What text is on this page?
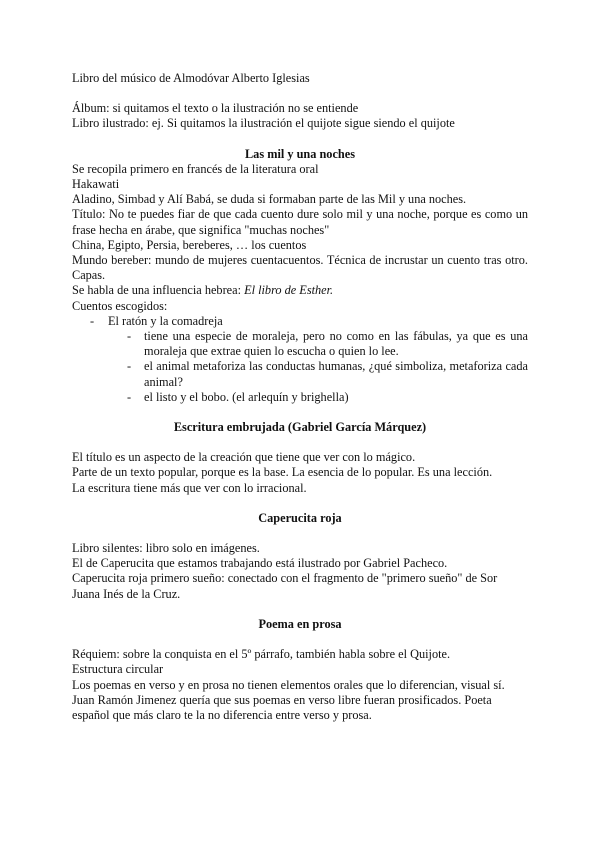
Libro del músico de Almodóvar Alberto Iglesias

Álbum: si quitamos el texto o la ilustración no se entiende

Libro ilustrado: ej. Si quitamos la ilustración el quijote sigue siendo el quijote

Las mil y una noches

Se recopila primero en francés de la literatura oral

Hakawati

Aladino, Simbad y Alí Babá, se duda si formaban parte de las Mil y una noches.

Título: No te puedes fiar de que cada cuento dure solo mil y una noche, porque es como un frase hecha en árabe, que significa "muchas noches"

China, Egipto, Persia, bereberes, … los cuentos

Mundo bereber: mundo de mujeres cuentacuentos. Técnica de incrustar un cuento tras otro. Capas.

Se habla de una influencia hebrea: El libro de Esther.

Cuentos escogidos:

- El ratón y la comadreja
- tiene una especie de moraleja, pero no como en las fábulas, ya que es una moraleja que extrae quien lo escucha o quien lo lee.
- el animal metaforiza las conductas humanas, ¿qué simboliza, metaforiza cada animal?
- el listo y el bobo. (el arlequín y brighella)

Escritura embrujada (Gabriel García Márquez)

El título es un aspecto de la creación que tiene que ver con lo mágico.

Parte de un texto popular, porque es la base. La esencia de lo popular. Es una lección.

La escritura tiene más que ver con lo irracional.

Caperucita roja

Libro silentes: libro solo en imágenes.

El de Caperucita que estamos trabajando está ilustrado por Gabriel Pacheco.

Caperucita roja primero sueño: conectado con el fragmento de "primero sueño" de Sor Juana Inés de la Cruz.

Poema en prosa

Réquiem: sobre la conquista en el 5º párrafo, también habla sobre el Quijote.

Estructura circular

Los poemas en verso y en prosa no tienen elementos orales que lo diferencian, visual sí.

Juan Ramón Jimenez quería que sus poemas en verso libre fueran prosificados. Poeta español que más claro te la no diferencia entre verso y prosa.
